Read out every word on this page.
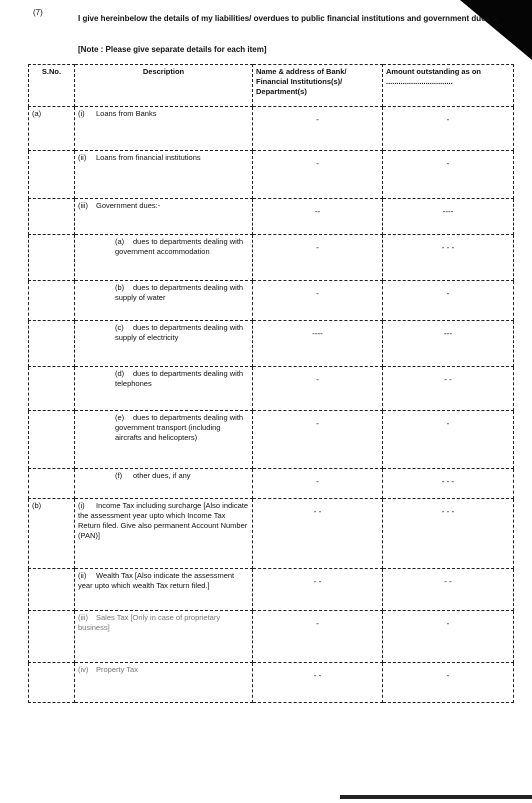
(7)
I give hereinbelow the details of my liabilities/ overdues to public financial institutions and government dues :-
[Note : Please give separate details for each item]
S.No.	Description	Name & address of Bank/ Financial Institutions(s)/ Department(s)	Amount outstanding as on ................................
(a)	(i) Loans from Banks	-	-

	(ii) Loans from financial institutions	-	-

	(iii) Government dues:-	--	----

	(a) dues to departments dealing with government accommodation	-	- - -

	(b) dues to departments dealing with supply of water	-	-

	(c) dues to departments dealing with supply of electricity	----	---

	(d) dues to departments dealing with telephones	-	- -

	(e) dues to departments dealing with government transport (including aircrafts and helicopters)	-	-

	(f) other dues, if any	-	- - -

(b)	(i) Income Tax including surcharge [Also indicate the assessment year upto which Income Tax Return filed. Give also permanent Account Number (PAN)]	- -	- - -

	(ii) Wealth Tax [Also indicate the assessment year upto which wealth Tax return filed.]	- -	- -

	(iii) Sales Tax [Only in case of proprietary business]	-	-

	(iv) Property Tax	- -	-
